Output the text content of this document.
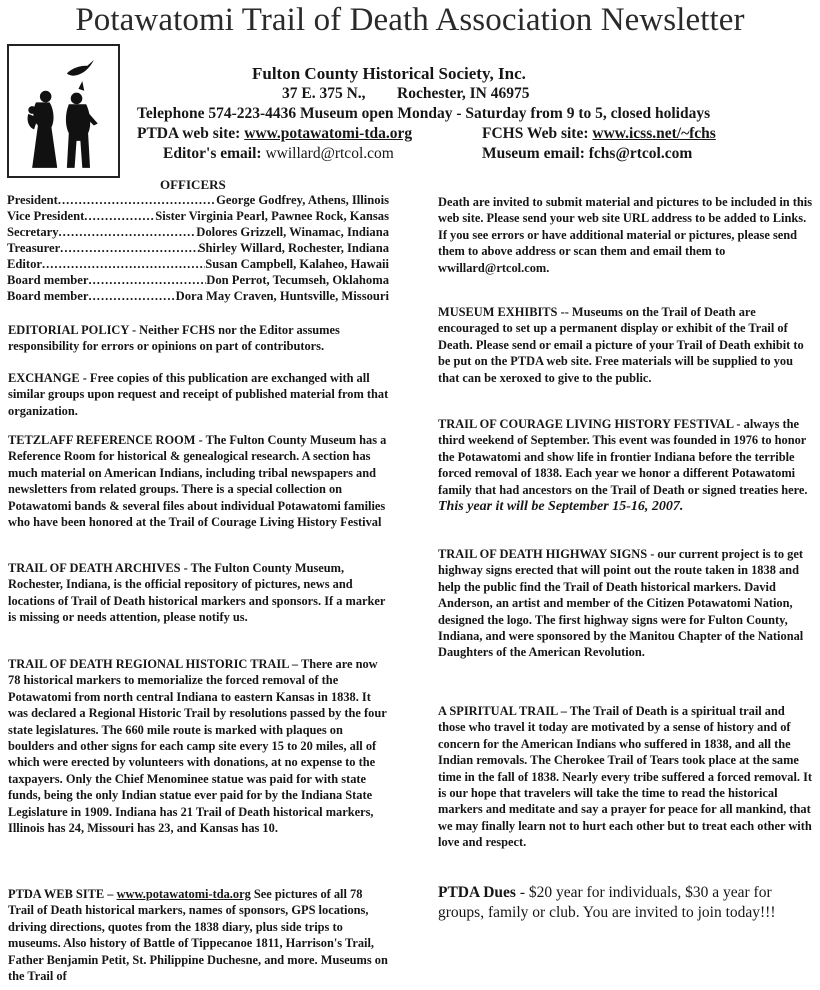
Potawatomi Trail of Death Association Newsletter
Fulton County Historical Society, Inc.
37 E. 375 N., Rochester, IN 46975
Telephone 574-223-4436 Museum open Monday - Saturday from 9 to 5, closed holidays
PTDA web site: www.potawatomi-tda.org	FCHS Web site: www.icss.net/~fchs
Editor's email: wwillard@rtcol.com	Museum email: fchs@rtcol.com
OFFICERS
President .....	George Godfrey, Athens, Illinois
Vice President .....	Sister Virginia Pearl, Pawnee Rock, Kansas
Secretary .....	Dolores Grizzell, Winamac, Indiana
Treasurer .....	Shirley Willard, Rochester, Indiana
Editor .....	Susan Campbell, Kalaheo, Hawaii
Board member .....	Don Perrot, Tecumseh, Oklahoma
Board member .....	Dora May Craven, Huntsville, Missouri
EDITORIAL POLICY - Neither FCHS nor the Editor assumes responsibility for errors or opinions on part of contributors.
EXCHANGE - Free copies of this publication are exchanged with all similar groups upon request and receipt of published material from that organization.
TETZLAFF REFERENCE ROOM - The Fulton County Museum has a Reference Room for historical & genealogical research. A section has much material on American Indians, including tribal newspapers and newsletters from related groups. There is a special collection on Potawatomi bands & several files about individual Potawatomi families who have been honored at the Trail of Courage Living History Festival
TRAIL OF DEATH ARCHIVES - The Fulton County Museum, Rochester, Indiana, is the official repository of pictures, news and locations of Trail of Death historical markers and sponsors. If a marker is missing or needs attention, please notify us.
TRAIL OF DEATH REGIONAL HISTORIC TRAIL – There are now 78 historical markers to memorialize the forced removal of the Potawatomi from north central Indiana to eastern Kansas in 1838. It was declared a Regional Historic Trail by resolutions passed by the four state legislatures. The 660 mile route is marked with plaques on boulders and other signs for each camp site every 15 to 20 miles, all of which were erected by volunteers with donations, at no expense to the taxpayers. Only the Chief Menominee statue was paid for with state funds, being the only Indian statue ever paid for by the Indiana State Legislature in 1909. Indiana has 21 Trail of Death historical markers, Illinois has 24, Missouri has 23, and Kansas has 10.
PTDA WEB SITE – www.potawatomi-tda.org See pictures of all 78 Trail of Death historical markers, names of sponsors, GPS locations, driving directions, quotes from the 1838 diary, plus side trips to museums. Also history of Battle of Tippecanoe 1811, Harrison's Trail, Father Benjamin Petit, St. Philippine Duchesne, and more. Museums on the Trail of
Death are invited to submit material and pictures to be included in this web site. Please send your web site URL address to be added to Links.
If you see errors or have additional material or pictures, please send them to above address or scan them and email them to wwillard@rtcol.com.
MUSEUM EXHIBITS -- Museums on the Trail of Death are encouraged to set up a permanent display or exhibit of the Trail of Death. Please send or email a picture of your Trail of Death exhibit to be put on the PTDA web site. Free materials will be supplied to you that can be xeroxed to give to the public.
TRAIL OF COURAGE LIVING HISTORY FESTIVAL - always the third weekend of September. This event was founded in 1976 to honor the Potawatomi and show life in frontier Indiana before the terrible forced removal of 1838. Each year we honor a different Potawatomi family that had ancestors on the Trail of Death or signed treaties here.
This year it will be September 15-16, 2007.
TRAIL OF DEATH HIGHWAY SIGNS - our current project is to get highway signs erected that will point out the route taken in 1838 and help the public find the Trail of Death historical markers. David Anderson, an artist and member of the Citizen Potawatomi Nation, designed the logo. The first highway signs were for Fulton County, Indiana, and were sponsored by the Manitou Chapter of the National Daughters of the American Revolution.
A SPIRITUAL TRAIL – The Trail of Death is a spiritual trail and those who travel it today are motivated by a sense of history and of concern for the American Indians who suffered in 1838, and all the Indian removals. The Cherokee Trail of Tears took place at the same time in the fall of 1838. Nearly every tribe suffered a forced removal. It is our hope that travelers will take the time to read the historical markers and meditate and say a prayer for peace for all mankind, that we may finally learn not to hurt each other but to treat each other with love and respect.
PTDA Dues - $20 year for individuals, $30 a year for groups, family or club. You are invited to join today!!!
